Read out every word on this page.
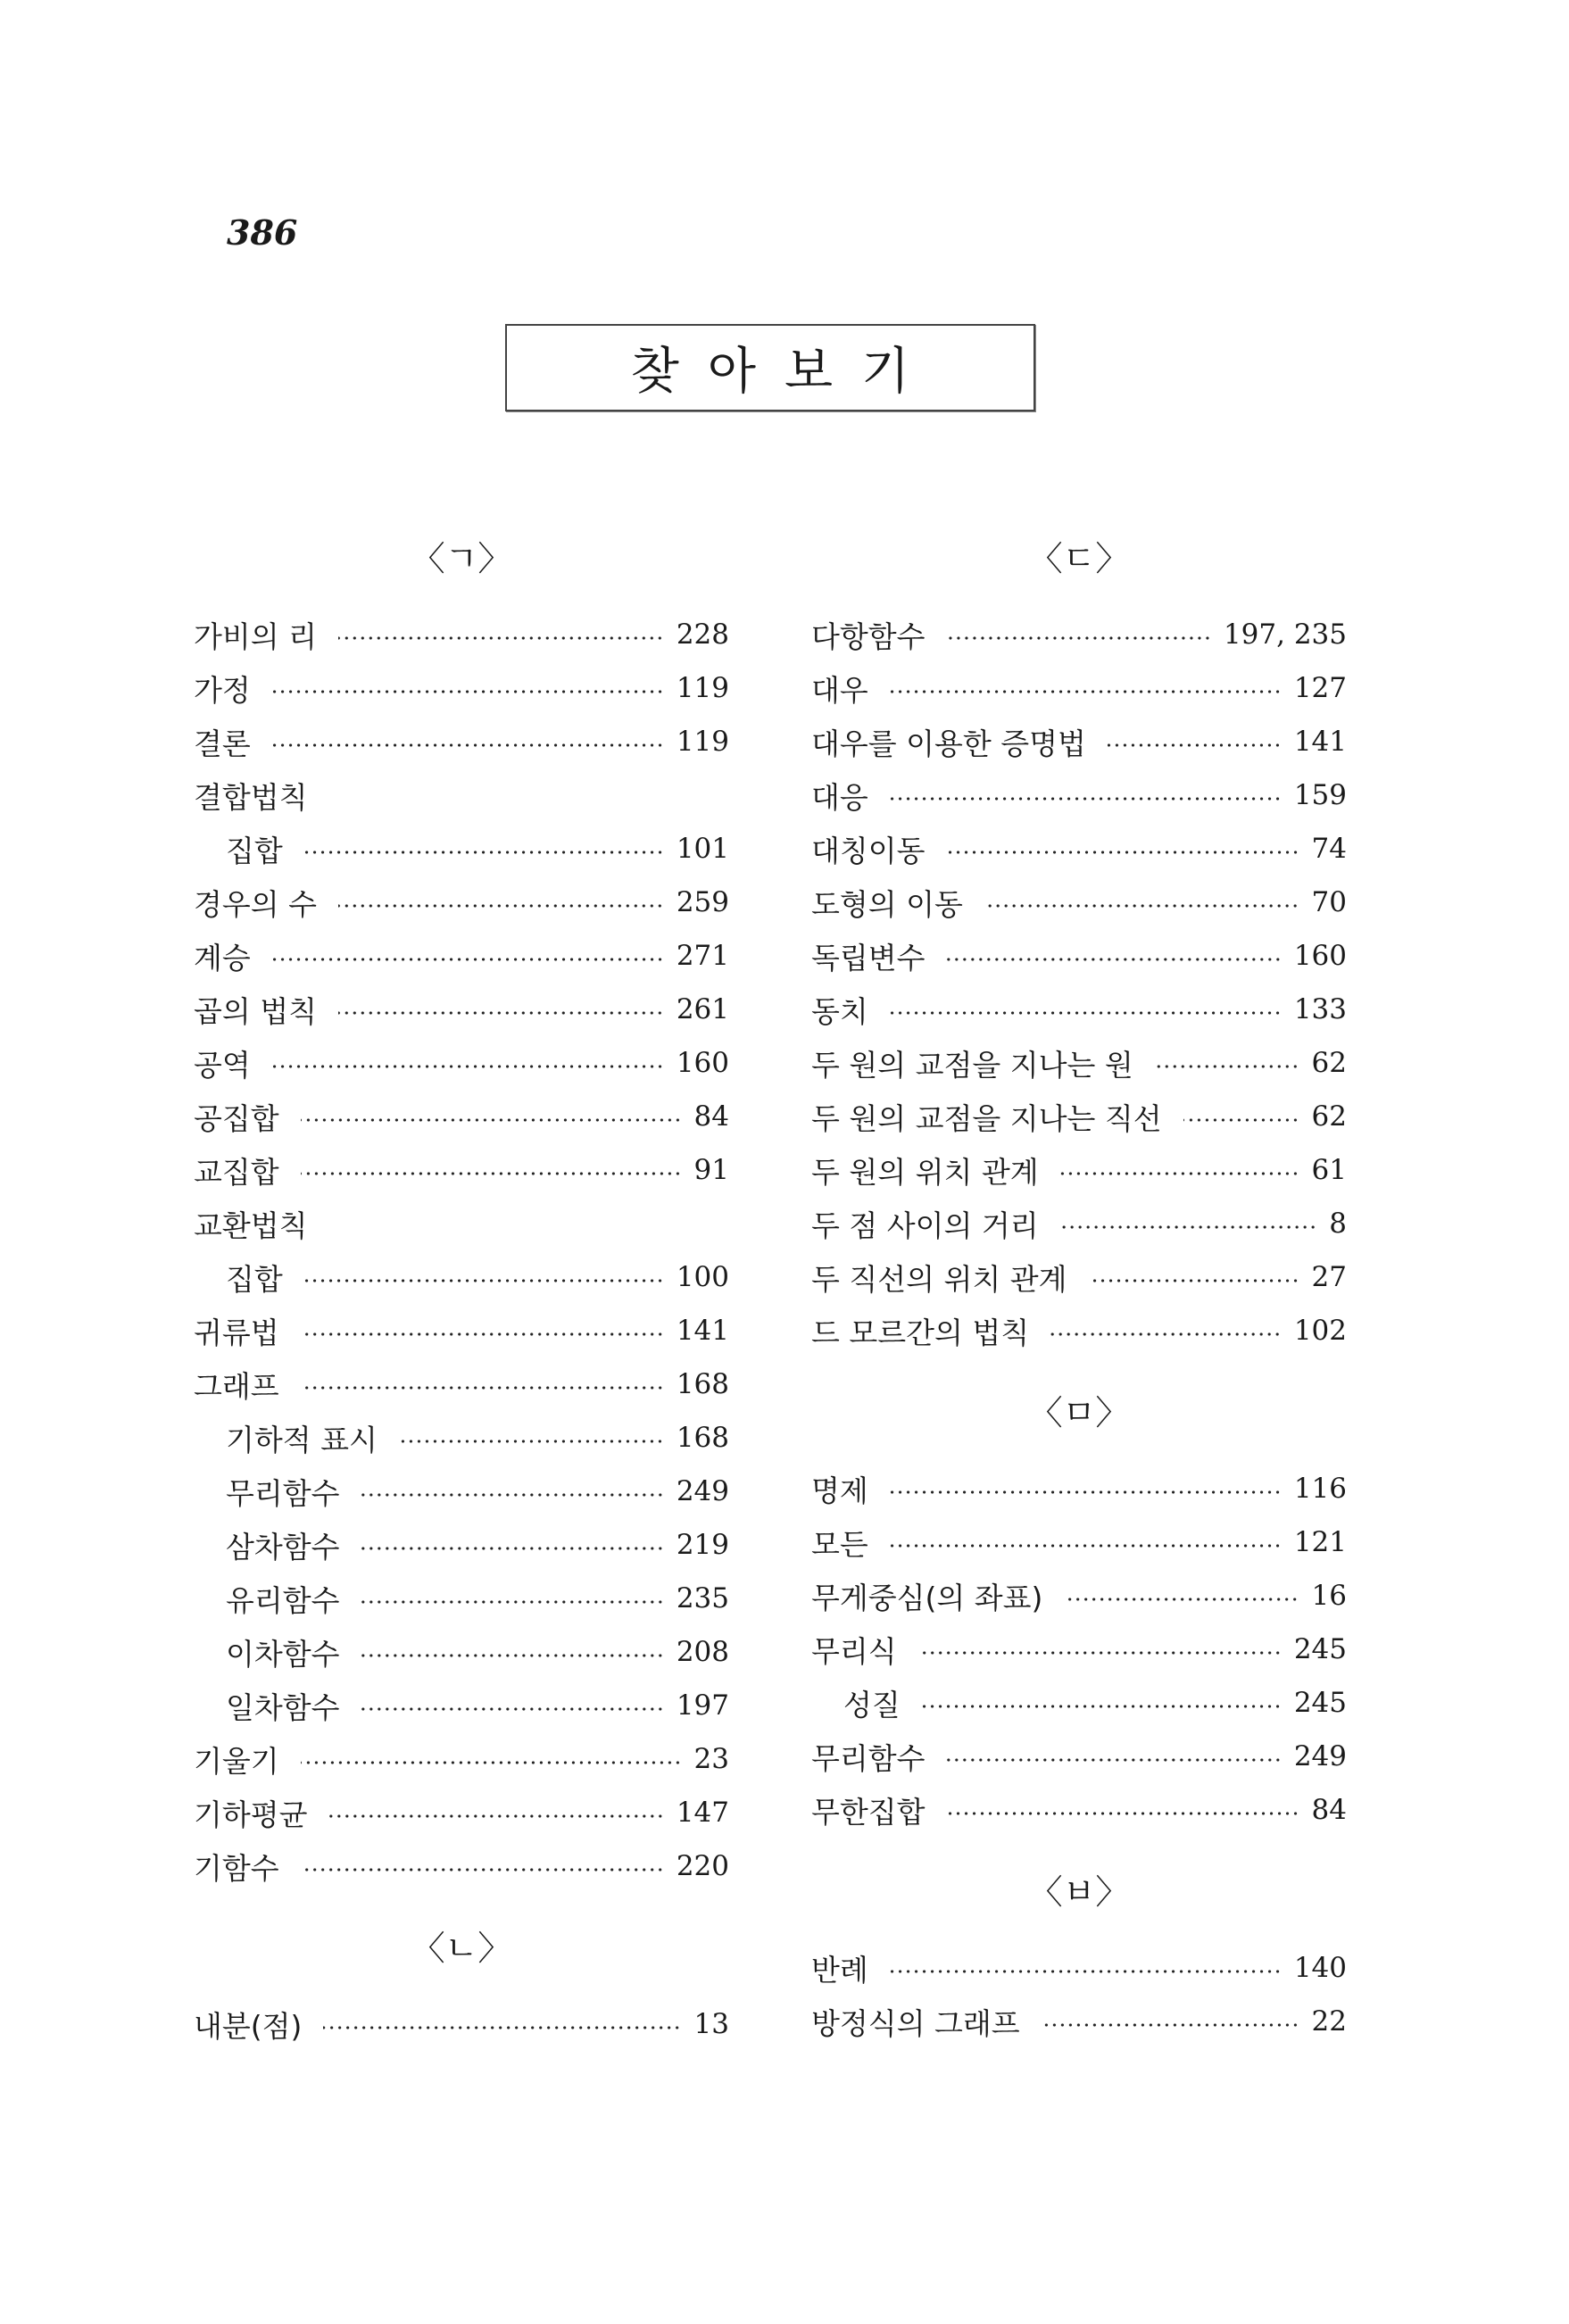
386
찾아보기
〈ㄱ〉
가비의 리	228
가정	119
결론	119
결합법칙
집합	101
경우의 수	259
계승	271
곱의 법칙	261
공역	160
공집합	84
교집합	91
교환법칙
집합	100
귀류법	141
그래프	168
기하적 표시	168
무리함수	249
삼차함수	219
유리함수	235
이차함수	208
일차함수	197
기울기	23
기하평균	147
기함수	220
〈ㄴ〉
내분(점)	13
〈ㄷ〉
다항함수	197, 235
대우	127
대우를 이용한 증명법	141
대응	159
대칭이동	74
도형의 이동	70
독립변수	160
동치	133
두 원의 교점을 지나는 원	62
두 원의 교점을 지나는 직선	62
두 원의 위치 관계	61
두 점 사이의 거리	8
두 직선의 위치 관계	27
드 모르간의 법칙	102
〈ㅁ〉
명제	116
모든	121
무게중심(의 좌표)	16
무리식	245
성질	245
무리함수	249
무한집합	84
〈ㅂ〉
반례	140
방정식의 그래프	22
